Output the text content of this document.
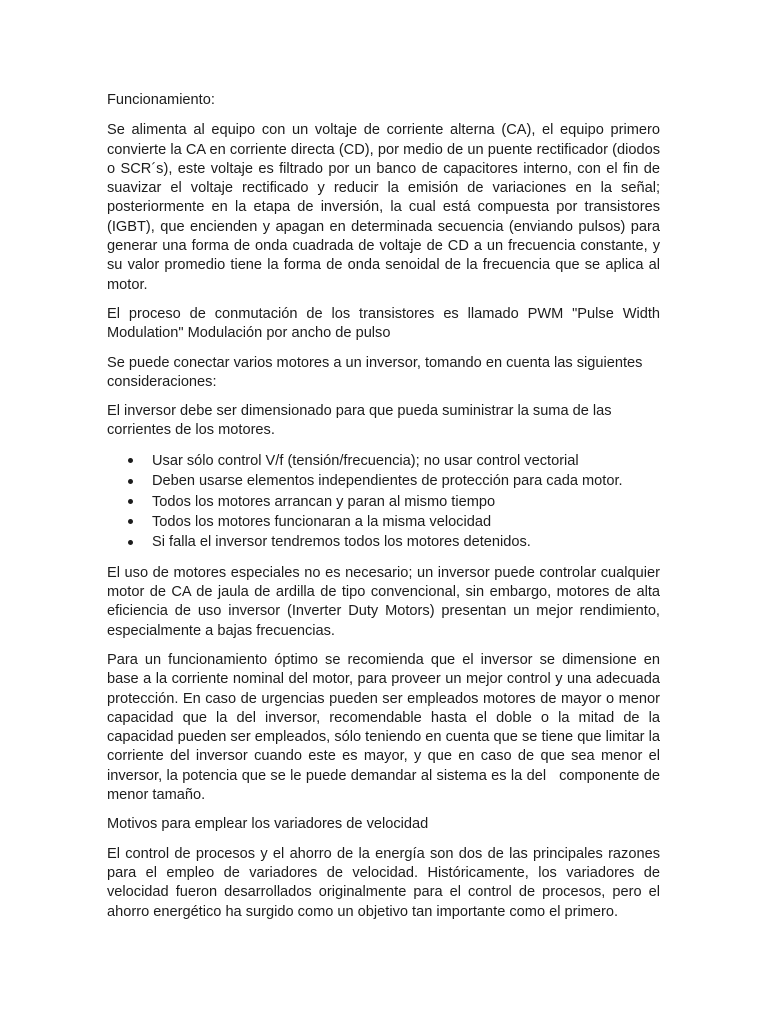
Funcionamiento:

Se alimenta al equipo con un voltaje de corriente alterna (CA), el equipo primero convierte la CA en corriente directa (CD), por medio de un puente rectificador (diodos o SCR´s), este voltaje es filtrado por un banco de capacitores interno, con el fin de suavizar el voltaje rectificado y reducir la emisión de variaciones en la señal; posteriormente en la etapa de inversión, la cual está compuesta por transistores (IGBT), que encienden y apagan en determinada secuencia (enviando pulsos) para generar una forma de onda cuadrada de voltaje de CD a un frecuencia constante, y su valor promedio tiene la forma de onda senoidal de la frecuencia que se aplica al motor.

El proceso de conmutación de los transistores es llamado PWM "Pulse Width Modulation" Modulación por ancho de pulso

Se puede conectar varios motores a un inversor, tomando en cuenta las siguientes consideraciones:

El inversor debe ser dimensionado para que pueda suministrar la suma de las corrientes de los motores.

Usar sólo control V/f (tensión/frecuencia); no usar control vectorial
Deben usarse elementos independientes de protección para cada motor.
Todos los motores arrancan y paran al mismo tiempo
Todos los motores funcionaran a la misma velocidad
Si falla el inversor tendremos todos los motores detenidos.

El uso de motores especiales no es necesario; un inversor puede controlar cualquier motor de CA de jaula de ardilla de tipo convencional, sin embargo, motores de alta eficiencia de uso inversor (Inverter Duty Motors) presentan un mejor rendimiento, especialmente a bajas frecuencias.

Para un funcionamiento óptimo se recomienda que el inversor se dimensione en base a la corriente nominal del motor, para proveer un mejor control y una adecuada protección. En caso de urgencias pueden ser empleados motores de mayor o menor capacidad que la del inversor, recomendable hasta el doble o la mitad de la capacidad pueden ser empleados, sólo teniendo en cuenta que se tiene que limitar la corriente del inversor cuando este es mayor, y que en caso de que sea menor el inversor, la potencia que se le puede demandar al sistema es la del   componente de menor tamaño.

Motivos para emplear los variadores de velocidad

El control de procesos y el ahorro de la energía son dos de las principales razones para el empleo de variadores de velocidad. Históricamente, los variadores de velocidad fueron desarrollados originalmente para el control de procesos, pero el ahorro energético ha surgido como un objetivo tan importante como el primero.
